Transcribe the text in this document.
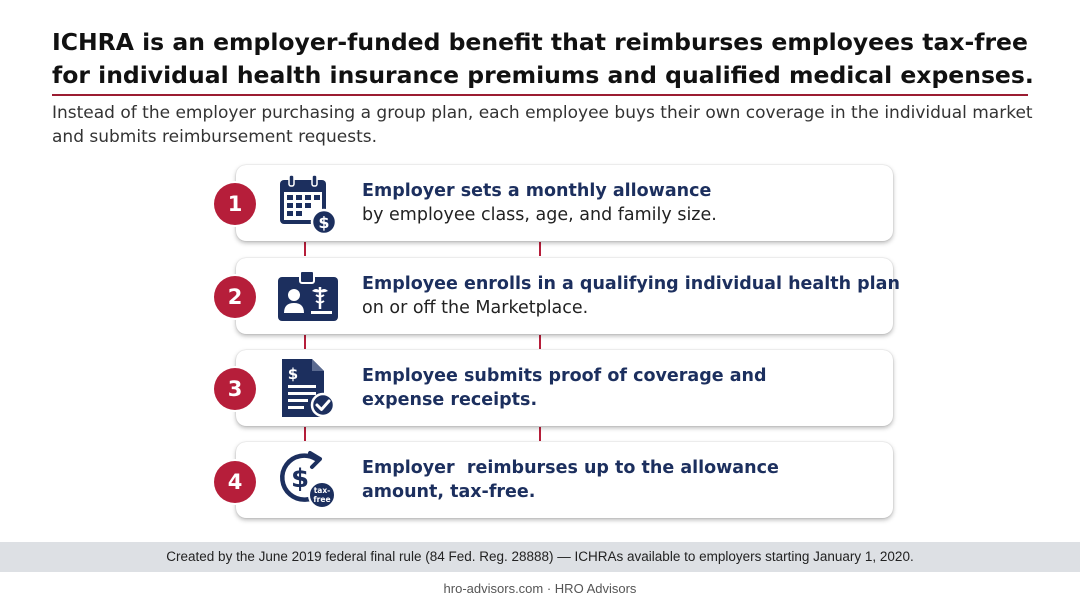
ICHRA is an employer-funded benefit that reimburses employees tax-free for individual health insurance premiums and qualified medical expenses.

Instead of the employer purchasing a group plan, each employee buys their own coverage in the individual market and submits reimbursement requests.

$
Employer sets a monthly allowance
by employee class, age, and family size.
1
Employee enrolls in a qualifying individual health plan
on or off the Marketplace.
2
$	Employee submits proof of coverage and
expense receipts.
3
$ tax-
free
Employer  reimburses up to the allowance
amount, tax-free.
4
Created by the June 2019 federal final rule (84 Fed. Reg. 28888) — ICHRAs available to employers starting January 1, 2020.
hro-advisors.com · HRO Advisors
